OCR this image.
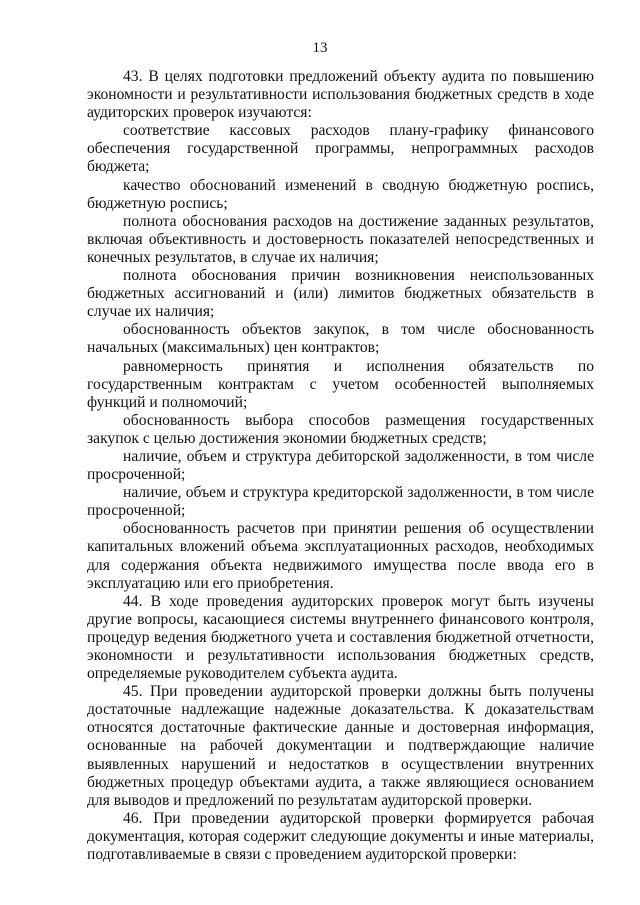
13

43. В целях подготовки предложений объекту аудита по повышению экономности и результативности использования бюджетных средств в ходе аудиторских проверок изучаются:

соответствие кассовых расходов плану-графику финансового обеспечения государственной программы, непрограммных расходов бюджета;

качество обоснований изменений в сводную бюджетную роспись, бюджетную роспись;

полнота обоснования расходов на достижение заданных результатов, включая объективность и достоверность показателей непосредственных и конечных результатов, в случае их наличия;

полнота обоснования причин возникновения неиспользованных бюджетных ассигнований и (или) лимитов бюджетных обязательств в случае их наличия;

обоснованность объектов закупок, в том числе обоснованность начальных (максимальных) цен контрактов;

равномерность принятия и исполнения обязательств по государственным контрактам с учетом особенностей выполняемых функций и полномочий;

обоснованность выбора способов размещения государственных закупок с целью достижения экономии бюджетных средств;

наличие, объем и структура дебиторской задолженности, в том числе просроченной;

наличие, объем и структура кредиторской задолженности, в том числе просроченной;

обоснованность расчетов при принятии решения об осуществлении капитальных вложений объема эксплуатационных расходов, необходимых для содержания объекта недвижимого имущества после ввода его в эксплуатацию или его приобретения.

44. В ходе проведения аудиторских проверок могут быть изучены другие вопросы, касающиеся системы внутреннего финансового контроля, процедур ведения бюджетного учета и составления бюджетной отчетности, экономности и результативности использования бюджетных средств, определяемые руководителем субъекта аудита.

45. При проведении аудиторской проверки должны быть получены достаточные надлежащие надежные доказательства. К доказательствам относятся достаточные фактические данные и достоверная информация, основанные на рабочей документации и подтверждающие наличие выявленных нарушений и недостатков в осуществлении внутренних бюджетных процедур объектами аудита, а также являющиеся основанием для выводов и предложений по результатам аудиторской проверки.

46. При проведении аудиторской проверки формируется рабочая документация, которая содержит следующие документы и иные материалы, подготавливаемые в связи с проведением аудиторской проверки:
